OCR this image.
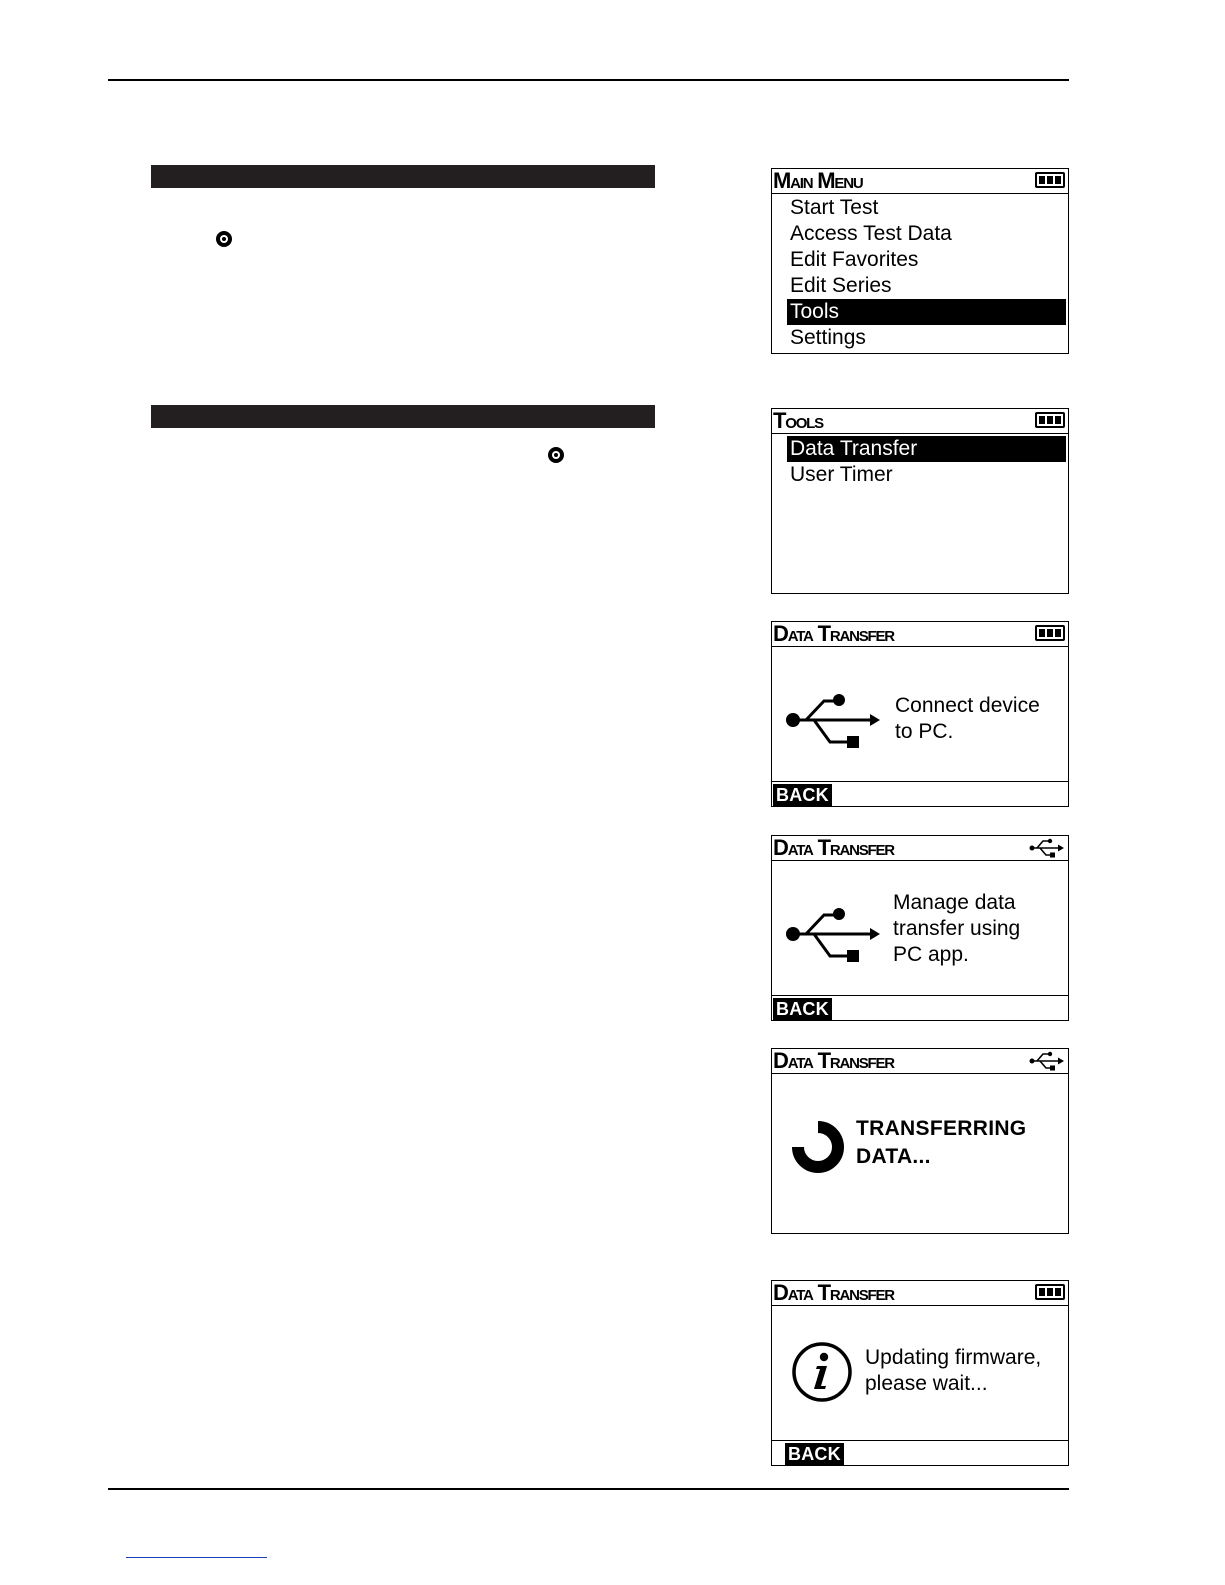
Main Menu
Start Test
Access Test Data
Edit Favorites
Edit Series
Tools
Settings
Tools
Data Transfer
User Timer
Data Transfer
Connect device
to PC.
BACK
Data Transfer
Manage data
transfer using
PC app.
BACK
Data Transfer
TRANSFERRING
DATA...
Data Transfer
Updating firmware,
please wait...
BACK
